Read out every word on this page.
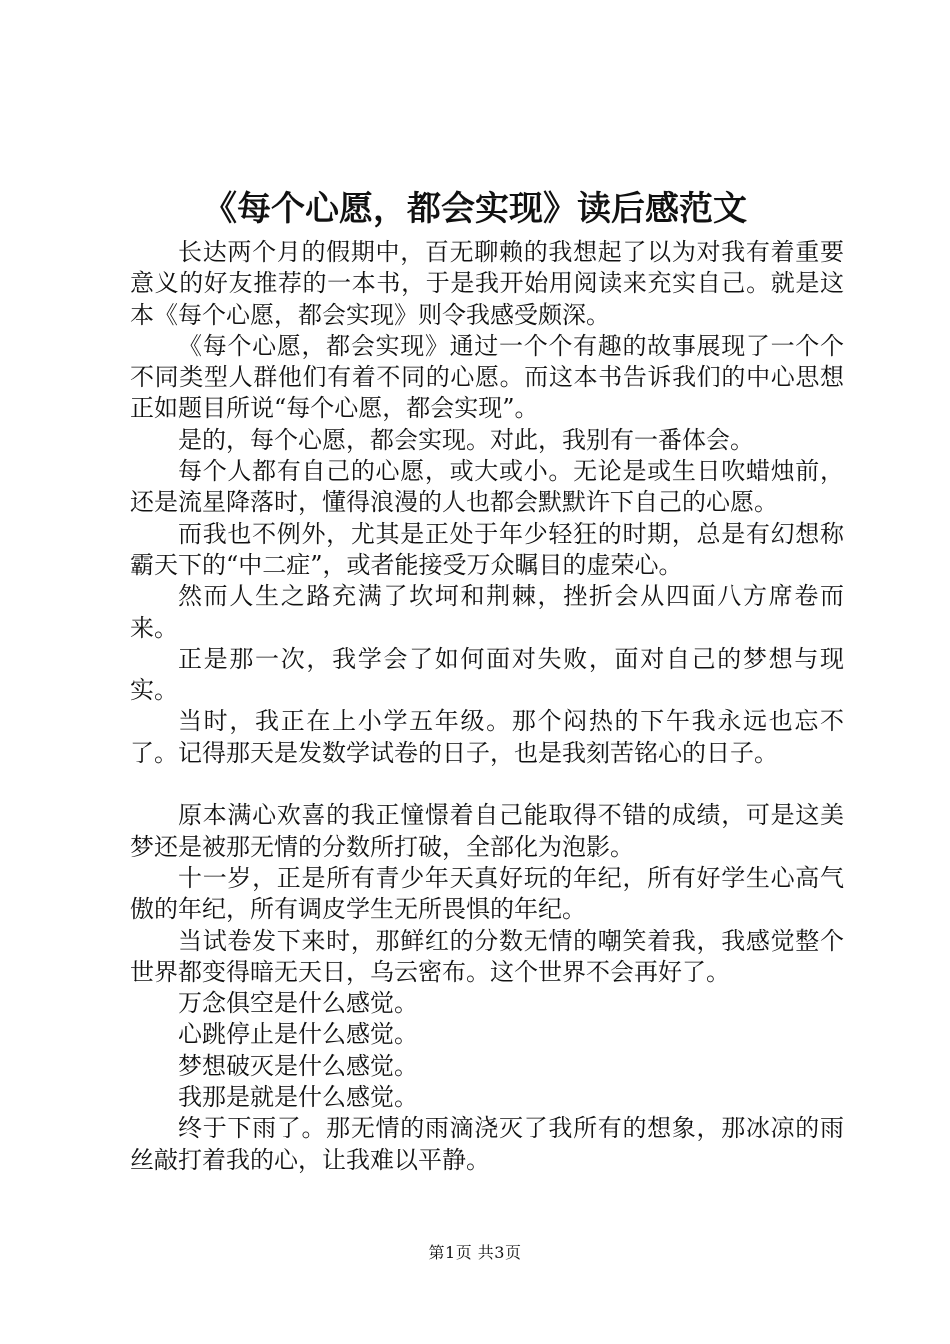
《每个心愿，都会实现》读后感范文

长达两个月的假期中，百无聊赖的我想起了以为对我有着重要意义的好友推荐的一本书，于是我开始用阅读来充实自己。就是这本《每个心愿，都会实现》则令我感受颇深。

《每个心愿，都会实现》通过一个个有趣的故事展现了一个个不同类型人群他们有着不同的心愿。而这本书告诉我们的中心思想正如题目所说“每个心愿，都会实现”。

是的，每个心愿，都会实现。对此，我别有一番体会。

每个人都有自己的心愿，或大或小。无论是或生日吹蜡烛前，还是流星降落时，懂得浪漫的人也都会默默许下自己的心愿。

而我也不例外，尤其是正处于年少轻狂的时期，总是有幻想称霸天下的“中二症”，或者能接受万众瞩目的虚荣心。

然而人生之路充满了坎坷和荆棘，挫折会从四面八方席卷而来。

正是那一次，我学会了如何面对失败，面对自己的梦想与现实。

当时，我正在上小学五年级。那个闷热的下午我永远也忘不了。记得那天是发数学试卷的日子，也是我刻苦铭心的日子。

原本满心欢喜的我正憧憬着自己能取得不错的成绩，可是这美梦还是被那无情的分数所打破，全部化为泡影。

十一岁，正是所有青少年天真好玩的年纪，所有好学生心高气傲的年纪，所有调皮学生无所畏惧的年纪。

当试卷发下来时，那鲜红的分数无情的嘲笑着我，我感觉整个世界都变得暗无天日，乌云密布。这个世界不会再好了。

万念俱空是什么感觉。

心跳停止是什么感觉。

梦想破灭是什么感觉。

我那是就是什么感觉。

终于下雨了。那无情的雨滴浇灭了我所有的想象，那冰凉的雨丝敲打着我的心，让我难以平静。

第1页 共3页
